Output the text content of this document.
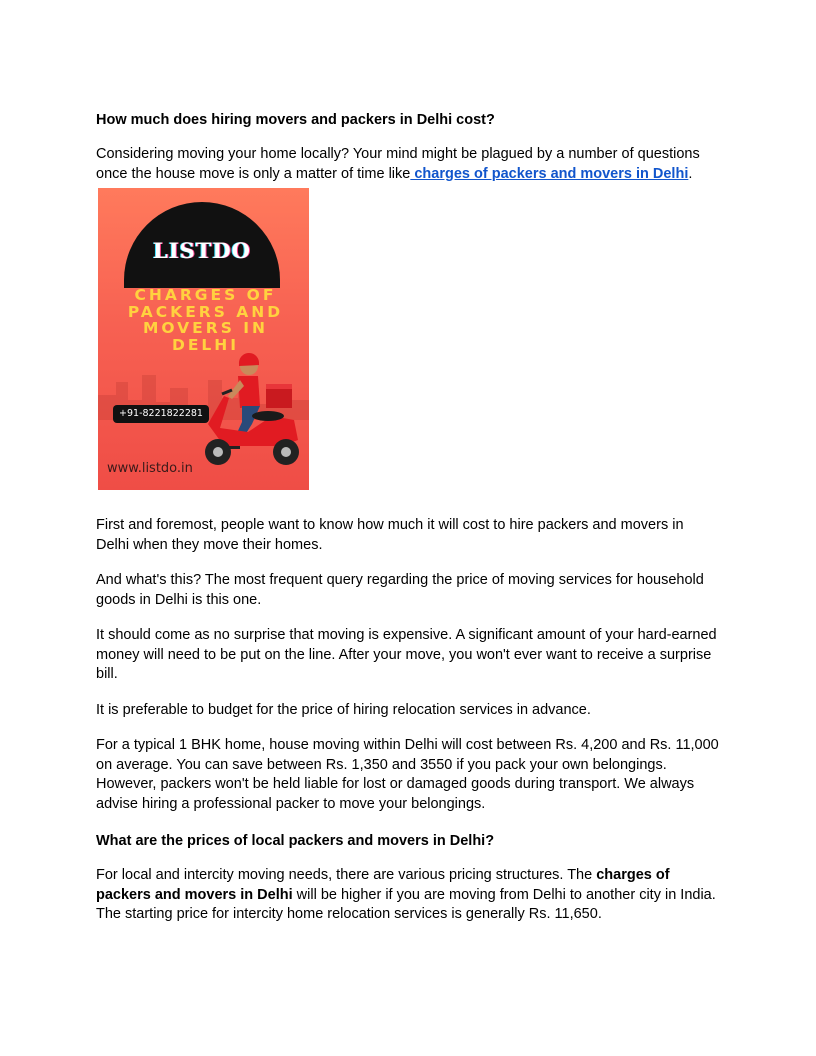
How much does hiring movers and packers in Delhi cost?

Considering moving your home locally? Your mind might be plagued by a number of questions once the house move is only a matter of time like charges of packers and movers in Delhi.

LISTDO
CHARGES OF
PACKERS AND
MOVERS IN
DELHI
+91-8221822281
www.listdo.in

First and foremost, people want to know how much it will cost to hire packers and movers in Delhi when they move their homes.

And what's this? The most frequent query regarding the price of moving services for household goods in Delhi is this one.

It should come as no surprise that moving is expensive. A significant amount of your hard-earned money will need to be put on the line. After your move, you won't ever want to receive a surprise bill.

It is preferable to budget for the price of hiring relocation services in advance.

For a typical 1 BHK home, house moving within Delhi will cost between Rs. 4,200 and Rs. 11,000 on average. You can save between Rs. 1,350 and 3550 if you pack your own belongings. However, packers won't be held liable for lost or damaged goods during transport. We always advise hiring a professional packer to move your belongings.

What are the prices of local packers and movers in Delhi?

For local and intercity moving needs, there are various pricing structures. The charges of packers and movers in Delhi will be higher if you are moving from Delhi to another city in India. The starting price for intercity home relocation services is generally Rs. 11,650.
